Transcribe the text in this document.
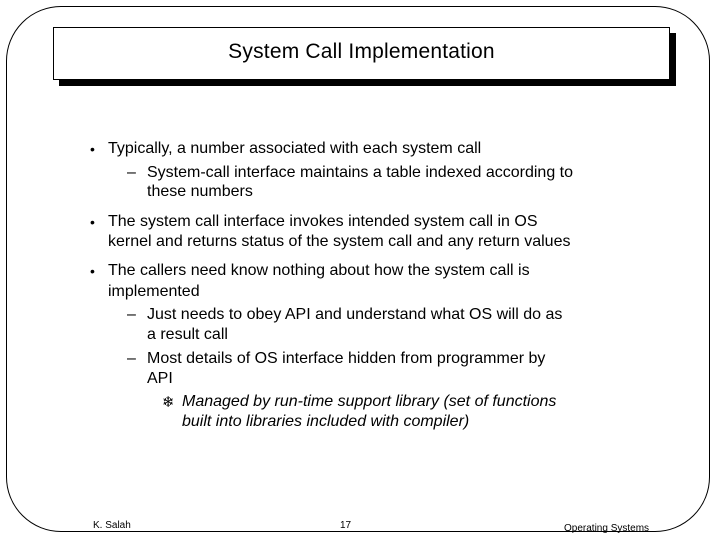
System Call Implementation
• Typically, a number associated with each system call
– System-call interface maintains a table indexed according to
these numbers
• The system call interface invokes intended system call in OS
kernel and returns status of the system call and any return values
• The callers need know nothing about how the system call is
implemented
– Just needs to obey API and understand what OS will do as
a result call
– Most details of OS interface hidden from programmer by
API
❄ Managed by run-time support library (set of functions
built into libraries included with compiler)
K. Salah	17	Operating Systems
